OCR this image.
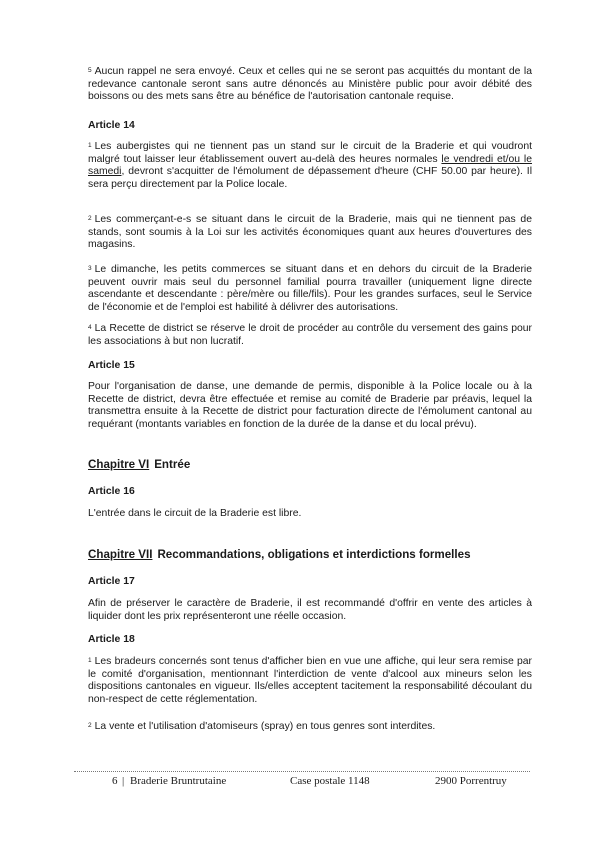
$^5$ Aucun rappel ne sera envoyé. Ceux et celles qui ne se seront pas acquittés du montant de la redevance cantonale seront sans autre dénoncés au Ministère public pour avoir débité des boissons ou des mets sans être au bénéfice de l'autorisation cantonale requise.

Article 14

$^1$ Les aubergistes qui ne tiennent pas un stand sur le circuit de la Braderie et qui voudront malgré tout laisser leur établissement ouvert au-delà des heures normales le vendredi et/ou le samedi, devront s'acquitter de l'émolument de dépassement d'heure (CHF 50.00 par heure). Il sera perçu directement par la Police locale.

$^2$ Les commerçant-e-s se situant dans le circuit de la Braderie, mais qui ne tiennent pas de stands, sont soumis à la Loi sur les activités économiques quant aux heures d'ouvertures des magasins.

$^3$ Le dimanche, les petits commerces se situant dans et en dehors du circuit de la Braderie peuvent ouvrir mais seul du personnel familial pourra travailler (uniquement ligne directe ascendante et descendante : père/mère ou fille/fils). Pour les grandes surfaces, seul le Service de l'économie et de l'emploi est habilité à délivrer des autorisations.

$^4$ La Recette de district se réserve le droit de procéder au contrôle du versement des gains pour les associations à but non lucratif.

Article 15

Pour l'organisation de danse, une demande de permis, disponible à la Police locale ou à la Recette de district, devra être effectuée et remise au comité de Braderie par préavis, lequel la transmettra ensuite à la Recette de district pour facturation directe de l'émolument cantonal au requérant (montants variables en fonction de la durée de la danse et du local prévu).

Chapitre VI Entrée
Article 16

L'entrée dans le circuit de la Braderie est libre.

Chapitre VII Recommandations, obligations et interdictions formelles
Article 17

Afin de préserver le caractère de Braderie, il est recommandé d'offrir en vente des articles à liquider dont les prix représenteront une réelle occasion.

Article 18

$^1$ Les bradeurs concernés sont tenus d'afficher bien en vue une affiche, qui leur sera remise par le comité d'organisation, mentionnant l'interdiction de vente d'alcool aux mineurs selon les dispositions cantonales en vigueur. Ils/elles acceptent tacitement la responsabilité découlant du non-respect de cette réglementation.

$^2$ La vente et l'utilisation d'atomiseurs (spray) en tous genres sont interdites.

6 | Braderie Bruntrutaine	Case postale 1148	2900 Porrentruy
